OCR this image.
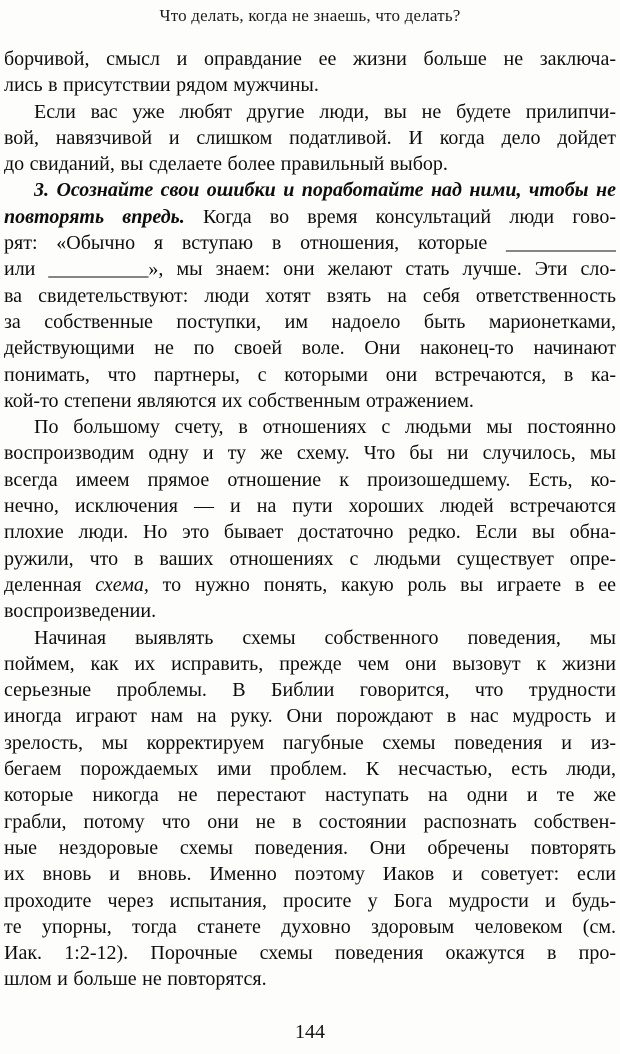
Что делать, когда не знаешь, что делать?
борчивой, смысл и оправдание ее жизни больше не заключа-
лись в присутствии рядом мужчины.
Если вас уже любят другие люди, вы не будете прилипчи-
вой, навязчивой и слишком податливой. И когда дело дойдет
до свиданий, вы сделаете более правильный выбор.
3. Осознайте свои ошибки и поработайте над ними, чтобы не
повторять впредь. Когда во время консультаций люди гово-
рят: «Обычно я вступаю в отношения, которые ___________
или __________», мы знаем: они желают стать лучше. Эти сло-
ва свидетельствуют: люди хотят взять на себя ответственность
за собственные поступки, им надоело быть марионетками,
действующими не по своей воле. Они наконец-то начинают
понимать, что партнеры, с которыми они встречаются, в ка-
кой-то степени являются их собственным отражением.
По большому счету, в отношениях с людьми мы постоянно
воспроизводим одну и ту же схему. Что бы ни случилось, мы
всегда имеем прямое отношение к произошедшему. Есть, ко-
нечно, исключения — и на пути хороших людей встречаются
плохие люди. Но это бывает достаточно редко. Если вы обна-
ружили, что в ваших отношениях с людьми существует опре-
деленная схема, то нужно понять, какую роль вы играете в ее
воспроизведении.
Начиная выявлять схемы собственного поведения, мы
поймем, как их исправить, прежде чем они вызовут к жизни
серьезные проблемы. В Библии говорится, что трудности
иногда играют нам на руку. Они порождают в нас мудрость и
зрелость, мы корректируем пагубные схемы поведения и из-
бегаем порождаемых ими проблем. К несчастью, есть люди,
которые никогда не перестают наступать на одни и те же
грабли, потому что они не в состоянии распознать собствен-
ные нездоровые схемы поведения. Они обречены повторять
их вновь и вновь. Именно поэтому Иаков и советует: если
проходите через испытания, просите у Бога мудрости и будь-
те упорны, тогда станете духовно здоровым человеком (см.
Иак. 1:2-12). Порочные схемы поведения окажутся в про-
шлом и больше не повторятся.
144
